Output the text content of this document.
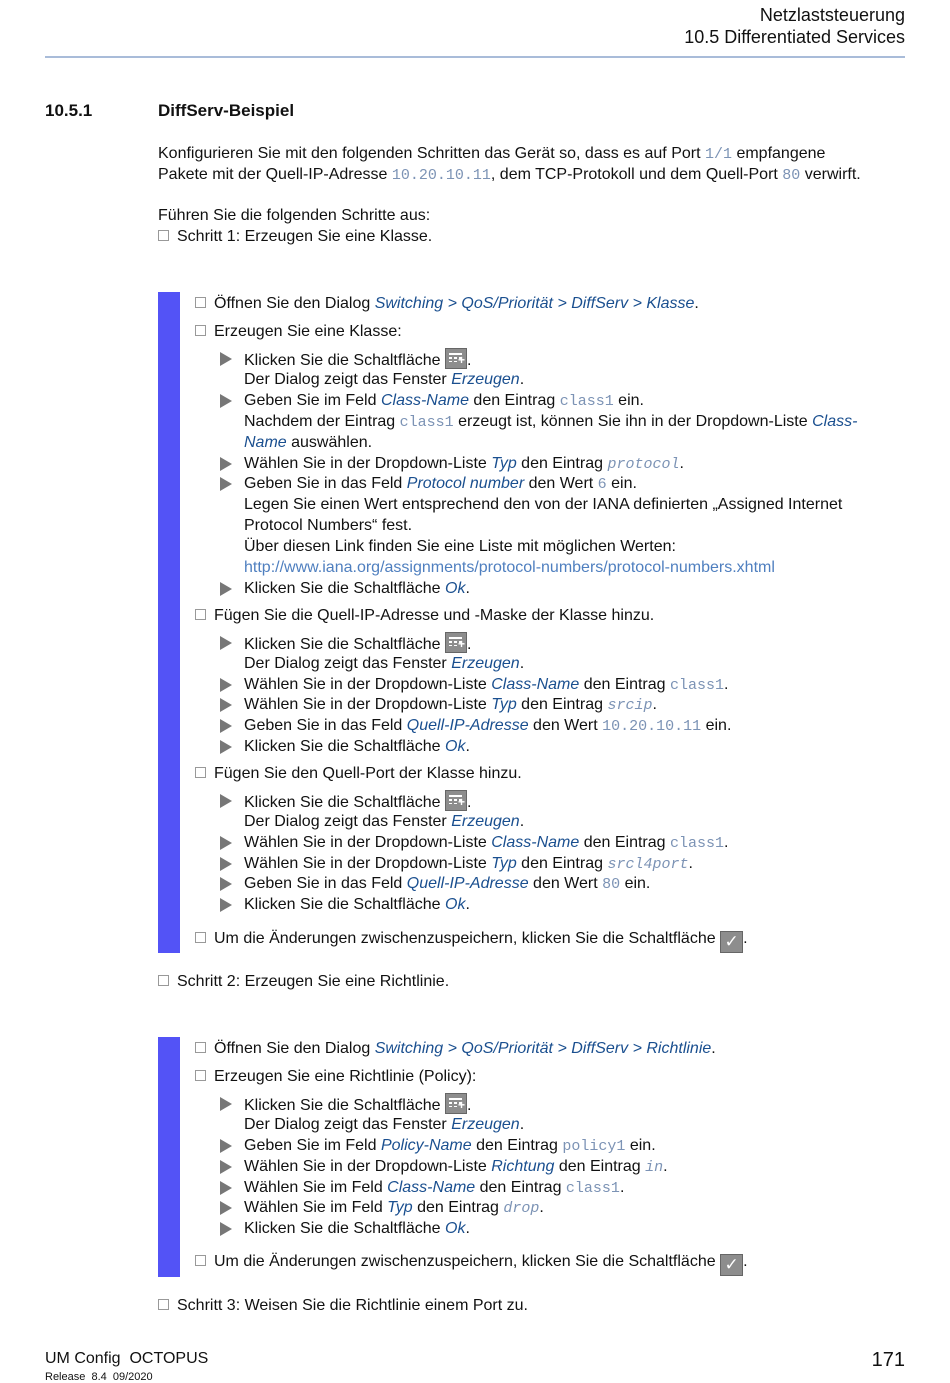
Netzlaststeuerung
10.5 Differentiated Services
10.5.1	DiffServ-Beispiel
Konfigurieren Sie mit den folgenden Schritten das Gerät so, dass es auf Port 1/1 empfangene
Pakete mit der Quell-IP-Adresse 10.20.10.11, dem TCP-Protokoll und dem Quell-Port 80 verwirft.
Führen Sie die folgenden Schritte aus:
Schritt 1: Erzeugen Sie eine Klasse.
Öffnen Sie den Dialog Switching > QoS/Priorität > DiffServ > Klasse.
Erzeugen Sie eine Klasse:
Klicken Sie die Schaltfläche +.
Der Dialog zeigt das Fenster Erzeugen.
Geben Sie im Feld Class-Name den Eintrag class1 ein.
Nachdem der Eintrag class1 erzeugt ist, können Sie ihn in der Dropdown-Liste Class-
Name auswählen.
Wählen Sie in der Dropdown-Liste Typ den Eintrag protocol.
Geben Sie in das Feld Protocol number den Wert 6 ein.
Legen Sie einen Wert entsprechend den von der IANA definierten „Assigned Internet
Protocol Numbers“ fest.
Über diesen Link finden Sie eine Liste mit möglichen Werten:
http://www.iana.org/assignments/protocol-numbers/protocol-numbers.xhtml
Klicken Sie die Schaltfläche Ok.
Fügen Sie die Quell-IP-Adresse und -Maske der Klasse hinzu.
Klicken Sie die Schaltfläche +.
Der Dialog zeigt das Fenster Erzeugen.
Wählen Sie in der Dropdown-Liste Class-Name den Eintrag class1.
Wählen Sie in der Dropdown-Liste Typ den Eintrag srcip.
Geben Sie in das Feld Quell-IP-Adresse den Wert 10.20.10.11 ein.
Klicken Sie die Schaltfläche Ok.
Fügen Sie den Quell-Port der Klasse hinzu.
Klicken Sie die Schaltfläche +.
Der Dialog zeigt das Fenster Erzeugen.
Wählen Sie in der Dropdown-Liste Class-Name den Eintrag class1.
Wählen Sie in der Dropdown-Liste Typ den Eintrag srcl4port.
Geben Sie in das Feld Quell-IP-Adresse den Wert 80 ein.
Klicken Sie die Schaltfläche Ok.
Um die Änderungen zwischenzuspeichern, klicken Sie die Schaltfläche ✓ .
Schritt 2: Erzeugen Sie eine Richtlinie.
Öffnen Sie den Dialog Switching > QoS/Priorität > DiffServ > Richtlinie.
Erzeugen Sie eine Richtlinie (Policy):
Klicken Sie die Schaltfläche +.
Der Dialog zeigt das Fenster Erzeugen.
Geben Sie im Feld Policy-Name den Eintrag policy1 ein.
Wählen Sie in der Dropdown-Liste Richtung den Eintrag in.
Wählen Sie im Feld Class-Name den Eintrag class1.
Wählen Sie im Feld Typ den Eintrag drop.
Klicken Sie die Schaltfläche Ok.
Um die Änderungen zwischenzuspeichern, klicken Sie die Schaltfläche ✓ .
Schritt 3: Weisen Sie die Richtlinie einem Port zu.
UM Config  OCTOPUS
Release  8.4  09/2020
171
